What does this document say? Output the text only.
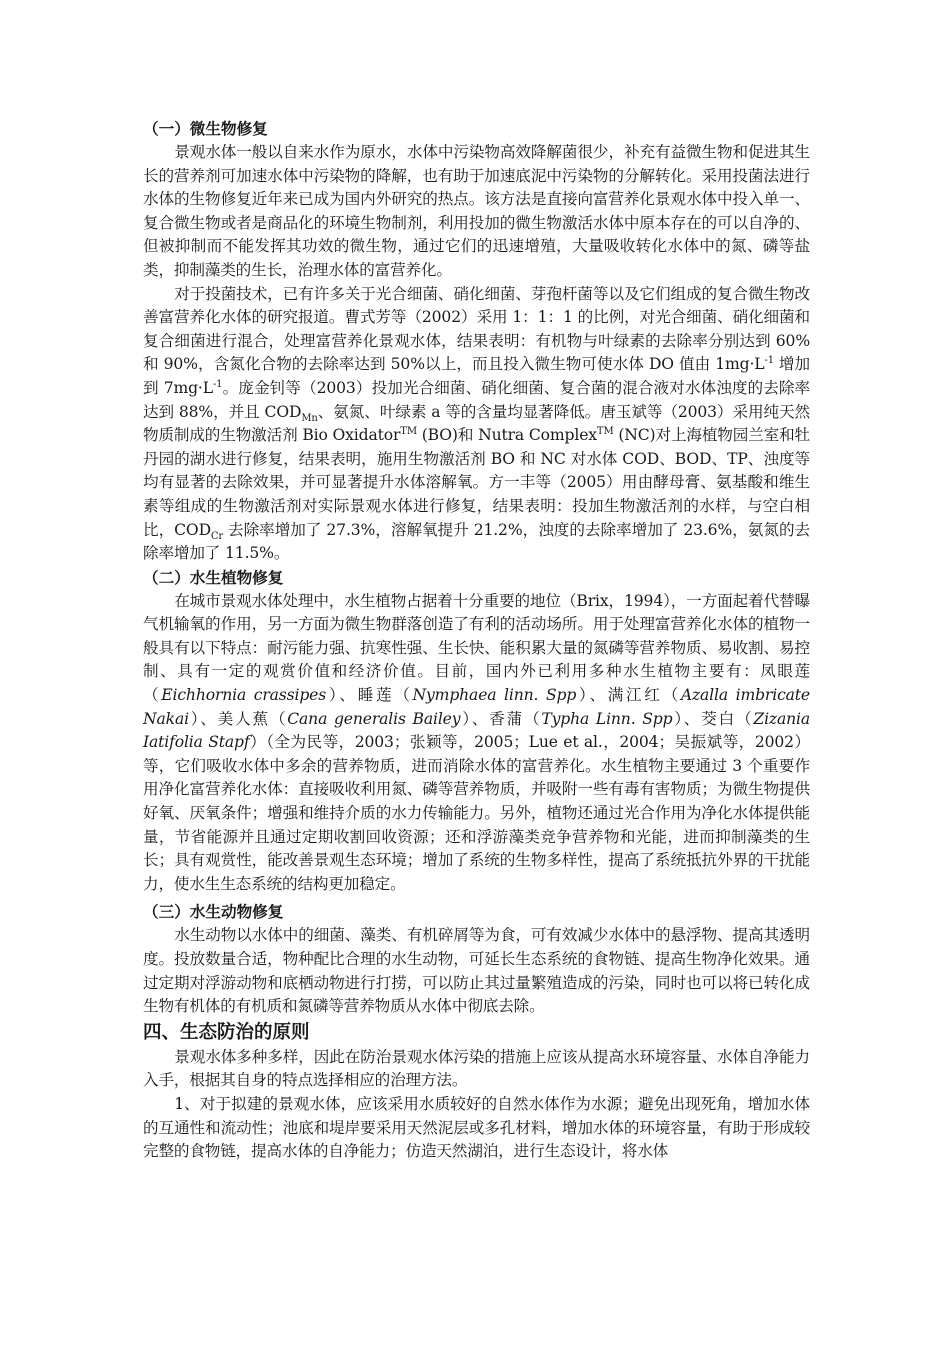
（一）微生物修复

景观水体一般以自来水作为原水，水体中污染物高效降解菌很少，补充有益微生物和促进其生长的营养剂可加速水体中污染物的降解，也有助于加速底泥中污染物的分解转化。采用投菌法进行水体的生物修复近年来已成为国内外研究的热点。该方法是直接向富营养化景观水体中投入单一、复合微生物或者是商品化的环境生物制剂，利用投加的微生物激活水体中原本存在的可以自净的、但被抑制而不能发挥其功效的微生物，通过它们的迅速增殖，大量吸收转化水体中的氮、磷等盐类，抑制藻类的生长，治理水体的富营养化。

对于投菌技术，已有许多关于光合细菌、硝化细菌、芽孢杆菌等以及它们组成的复合微生物改善富营养化水体的研究报道。曹式芳等（2002）采用 1：1：1 的比例，对光合细菌、硝化细菌和复合细菌进行混合，处理富营养化景观水体，结果表明：有机物与叶绿素的去除率分别达到 60%和 90%，含氮化合物的去除率达到 50%以上，而且投入微生物可使水体 DO 值由 $1mg\cdot L^{-1}$ 增加到 $7mg\cdot L^{-1}$。庞金钊等（2003）投加光合细菌、硝化细菌、复合菌的混合液对水体浊度的去除率达到 88%，并且 $COD_{Mn}$、氨氮、叶绿素 a 等的含量均显著降低。唐玉斌等（2003）采用纯天然物质制成的生物激活剂 Bio Oxidator™ (BO)和 Nutra Complex™ (NC)对上海植物园兰室和牡丹园的湖水进行修复，结果表明，施用生物激活剂 BO 和 NC 对水体 COD、BOD、TP、浊度等均有显著的去除效果，并可显著提升水体溶解氧。方一丰等（2005）用由酵母膏、氨基酸和维生素等组成的生物激活剂对实际景观水体进行修复，结果表明：投加生物激活剂的水样，与空白相比，$COD_{Cr}$ 去除率增加了 27.3%，溶解氧提升 21.2%，浊度的去除率增加了 23.6%，氨氮的去除率增加了 11.5%。

（二）水生植物修复

在城市景观水体处理中，水生植物占据着十分重要的地位（Brix，1994），一方面起着代替曝气机输氧的作用，另一方面为微生物群落创造了有利的活动场所。用于处理富营养化水体的植物一般具有以下特点：耐污能力强、抗寒性强、生长快、能积累大量的氮磷等营养物质、易收割、易控制、具有一定的观赏价值和经济价值。目前，国内外已利用多种水生植物主要有：凤眼莲（Eichhornia crassipes）、睡莲（Nymphaea linn. Spp）、满江红（Azalla imbricate Nakai）、美人蕉（Cana generalis Bailey）、香蒲（Typha Linn. Spp）、茭白（Zizania Iatifolia Stapf）（全为民等，2003；张颖等，2005；Lue et al.，2004；吴振斌等，2002）等，它们吸收水体中多余的营养物质，进而消除水体的富营养化。水生植物主要通过 3 个重要作用净化富营养化水体：直接吸收利用氮、磷等营养物质，并吸附一些有毒有害物质；为微生物提供好氧、厌氧条件；增强和维持介质的水力传输能力。另外，植物还通过光合作用为净化水体提供能量，节省能源并且通过定期收割回收资源；还和浮游藻类竞争营养物和光能，进而抑制藻类的生长；具有观赏性，能改善景观生态环境；增加了系统的生物多样性，提高了系统抵抗外界的干扰能力，使水生生态系统的结构更加稳定。

（三）水生动物修复

水生动物以水体中的细菌、藻类、有机碎屑等为食，可有效减少水体中的悬浮物、提高其透明度。投放数量合适，物种配比合理的水生动物，可延长生态系统的食物链、提高生物净化效果。通过定期对浮游动物和底栖动物进行打捞，可以防止其过量繁殖造成的污染，同时也可以将已转化成生物有机体的有机质和氮磷等营养物质从水体中彻底去除。

四、生态防治的原则

景观水体多种多样，因此在防治景观水体污染的措施上应该从提高水环境容量、水体自净能力入手，根据其自身的特点选择相应的治理方法。

1、对于拟建的景观水体，应该采用水质较好的自然水体作为水源；避免出现死角，增加水体的互通性和流动性；池底和堤岸要采用天然泥层或多孔材料，增加水体的环境容量，有助于形成较完整的食物链，提高水体的自净能力；仿造天然湖泊，进行生态设计，将水体
